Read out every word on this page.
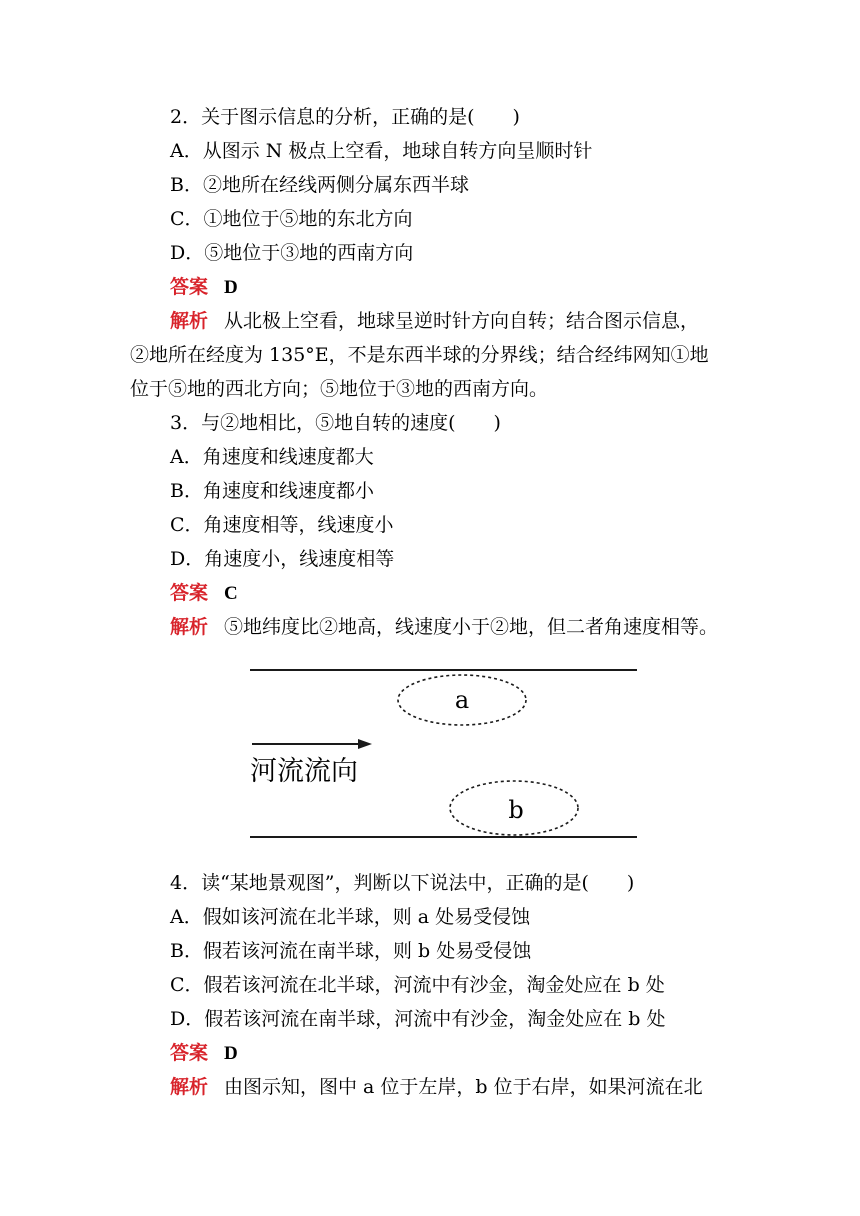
2．关于图示信息的分析，正确的是(　　)
A．从图示 N 极点上空看，地球自转方向呈顺时针
B．②地所在经线两侧分属东西半球
C．①地位于⑤地的东北方向
D．⑤地位于③地的西南方向
答案 D
解析 从北极上空看，地球呈逆时针方向自转；结合图示信息，
②地所在经度为 135°E，不是东西半球的分界线；结合经纬网知①地
位于⑤地的西北方向；⑤地位于③地的西南方向。
3．与②地相比，⑤地自转的速度(　　)
A．角速度和线速度都大
B．角速度和线速度都小
C．角速度相等，线速度小
D．角速度小，线速度相等
答案 C
解析 ⑤地纬度比②地高，线速度小于②地，但二者角速度相等。
a
b
河流流向
4．读“某地景观图”，判断以下说法中，正确的是(　　)
A．假如该河流在北半球，则 a 处易受侵蚀
B．假若该河流在南半球，则 b 处易受侵蚀
C．假若该河流在北半球，河流中有沙金，淘金处应在 b 处
D．假若该河流在南半球，河流中有沙金，淘金处应在 b 处
答案 D
解析 由图示知，图中 a 位于左岸，b 位于右岸，如果河流在北
